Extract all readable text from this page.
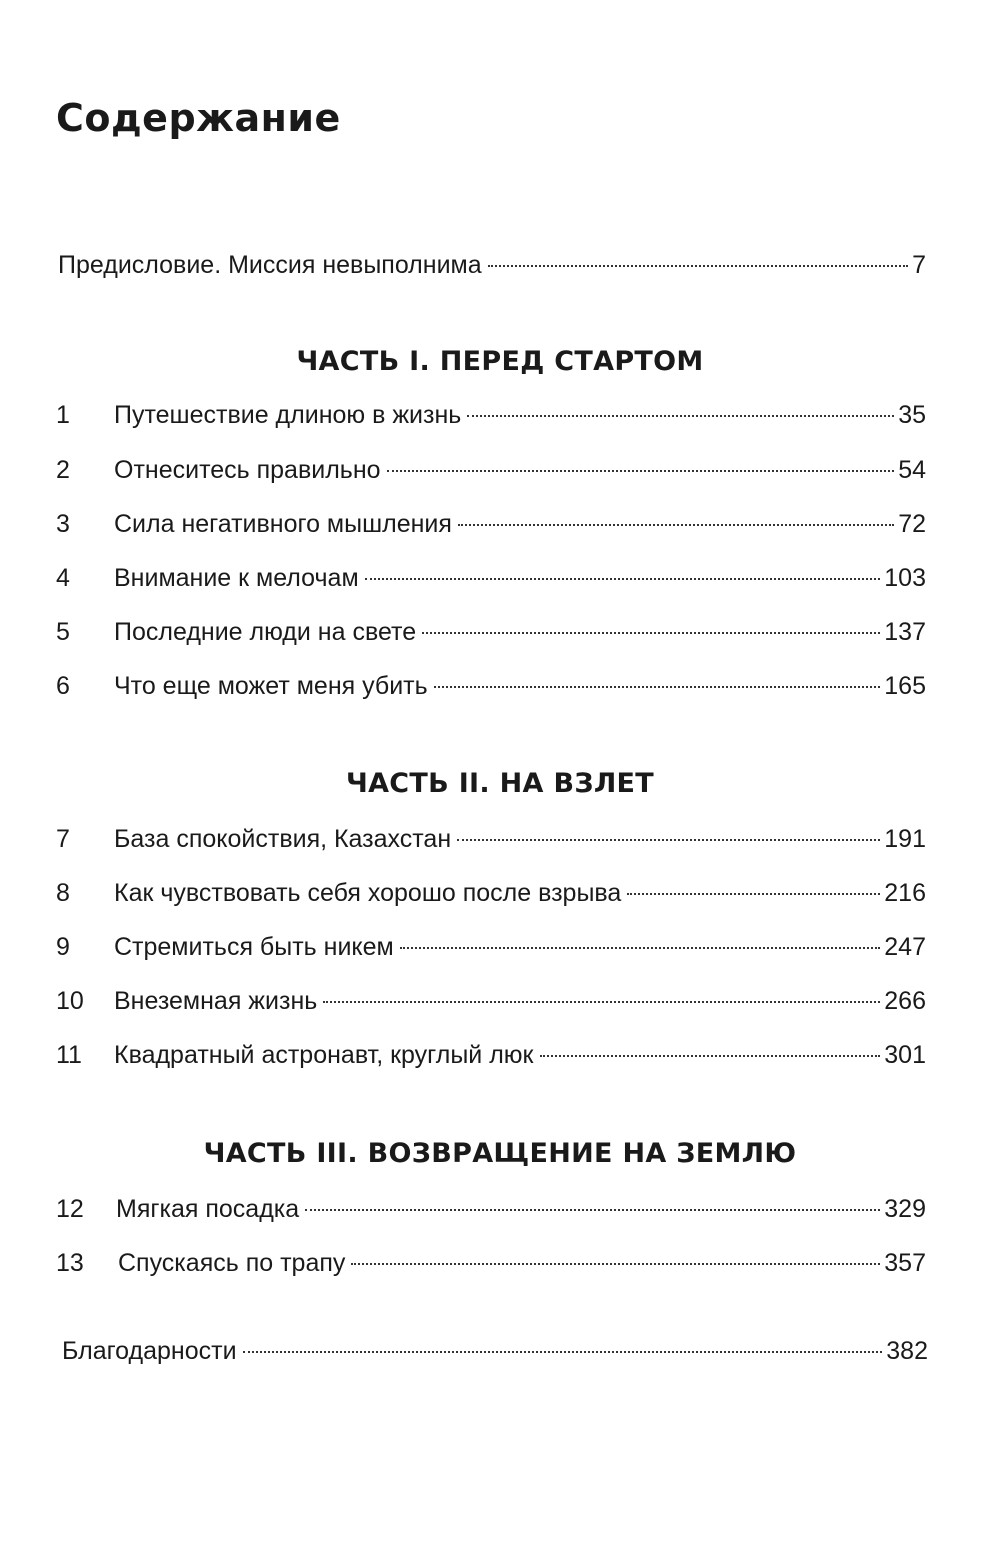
Содержание
Предисловие. Миссия невыполнима	7
ЧАСТЬ I. ПЕРЕД СТАРТОМ
1	Путешествие длиною в жизнь	35
2	Отнеситесь правильно	54
3	Сила негативного мышления	72
4	Внимание к мелочам	103
5	Последние люди на свете	137
6	Что еще может меня убить	165
ЧАСТЬ II. НА ВЗЛЕТ
7	База спокойствия, Казахстан	191
8	Как чувствовать себя хорошо после взрыва	216
9	Стремиться быть никем	247
10	Внеземная жизнь	266
11	Квадратный астронавт, круглый люк	301
ЧАСТЬ III. ВОЗВРАЩЕНИЕ НА ЗЕМЛЮ
12	Мягкая посадка	329
13	Спускаясь по трапу	357
Благодарности	382
